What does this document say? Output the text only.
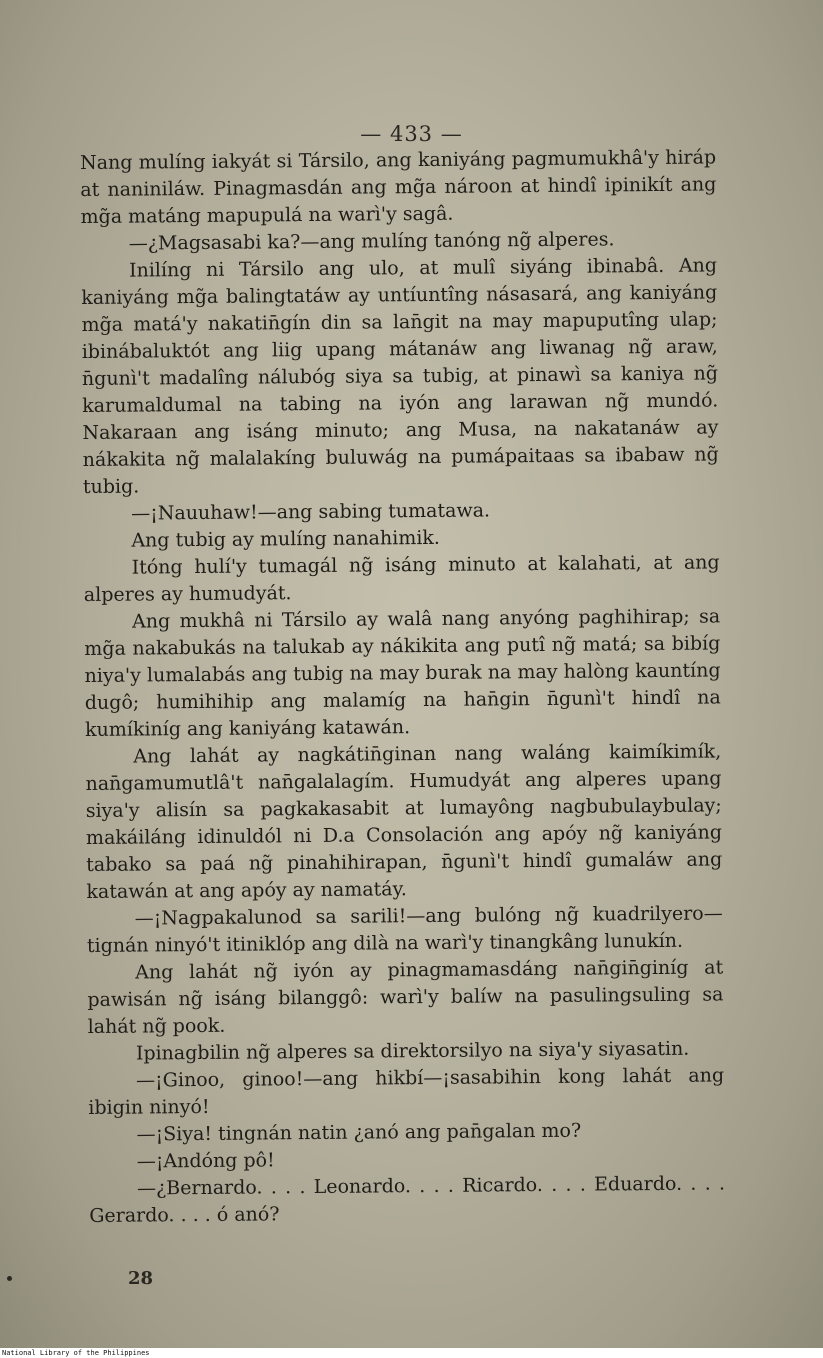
— 433 —

Nang mulíng iakyát si Társilo, ang kaniyáng pagmumukhâ'y hiráp at naniniláw. Pinagmasdán ang mg̃a nároon at hindî ipinikít ang mg̃a matáng mapupulá na warì'y sagâ.

—¿Magsasabi ka?—ang mulíng tanóng ng̃ alperes.

Inilíng ni Társilo ang ulo, at mulî siyáng ibinabâ. Ang kaniyáng mg̃a balingtatáw ay untíuntîng násasará, ang kaniyáng mg̃a matá'y nakatin̄gín din sa lan̄git na may mapuputîng ulap; ibinábaluktót ang liig upang mátanáw ang liwanag ng̃ araw, n̄gunì't madalîng nálubóg siya sa tubig, at pinawì sa kaniya ng̃ karumaldumal na tabing na iyón ang larawan ng̃ mundó. Nakaraan ang isáng minuto; ang Musa, na nakatanáw ay nákakita ng̃ malalakíng buluwág na pumápaitaas sa ibabaw ng̃ tubig.

—¡Nauuhaw!—ang sabing tumatawa.

Ang tubig ay mulíng nanahimik.

Itóng hulí'y tumagál ng̃ isáng minuto at kalahati, at ang alperes ay humudyát.

Ang mukhâ ni Társilo ay walâ nang anyóng paghihirap; sa mg̃a nakabukás na talukab ay nákikita ang putî ng̃ matá; sa bibíg niya'y lumalabás ang tubig na may burak na may halòng kauntíng dugô; humihihip ang malamíg na han̄gin n̄gunì't hindî na kumíkiníg ang kaniyáng katawán.

Ang lahát ay nagkátin̄ginan nang waláng kaimíkimík, nan̄gamumutlâ't nan̄galalagím. Humudyát ang alperes upang siya'y alisín sa pagkakasabit at lumayông nagbubulaybulay; makáiláng idinuldól ni D.a Consolación ang apóy ng̃ kaniyáng tabako sa paá ng̃ pinahihirapan, n̄gunì't hindî gumaláw ang katawán at ang apóy ay namatáy.

—¡Nagpakalunod sa sarili!—ang bulóng ng̃ kuadrilyero—tignán ninyó't itiniklóp ang dilà na warì'y tinangkâng lunukín.

Ang lahát ng̃ iyón ay pinagmamasdáng nan̄gin̄giníg at pawisán ng̃ isáng bilanggô: warì'y balíw na pasulingsuling sa lahát ng̃ pook.

Ipinagbilin ng̃ alperes sa direktorsilyo na siya'y siyasatin.

—¡Ginoo, ginoo!—ang hikbí—¡sasabihin kong lahát ang ibigin ninyó!

—¡Siya! tingnán natin ¿anó ang pan̄galan mo?

—¡Andóng pô!

—¿Bernardo. . . . Leonardo. . . . Ricardo. . . . Eduardo. . . . Gerardo. . . . ó anó?

28
National Library of the Philippines
